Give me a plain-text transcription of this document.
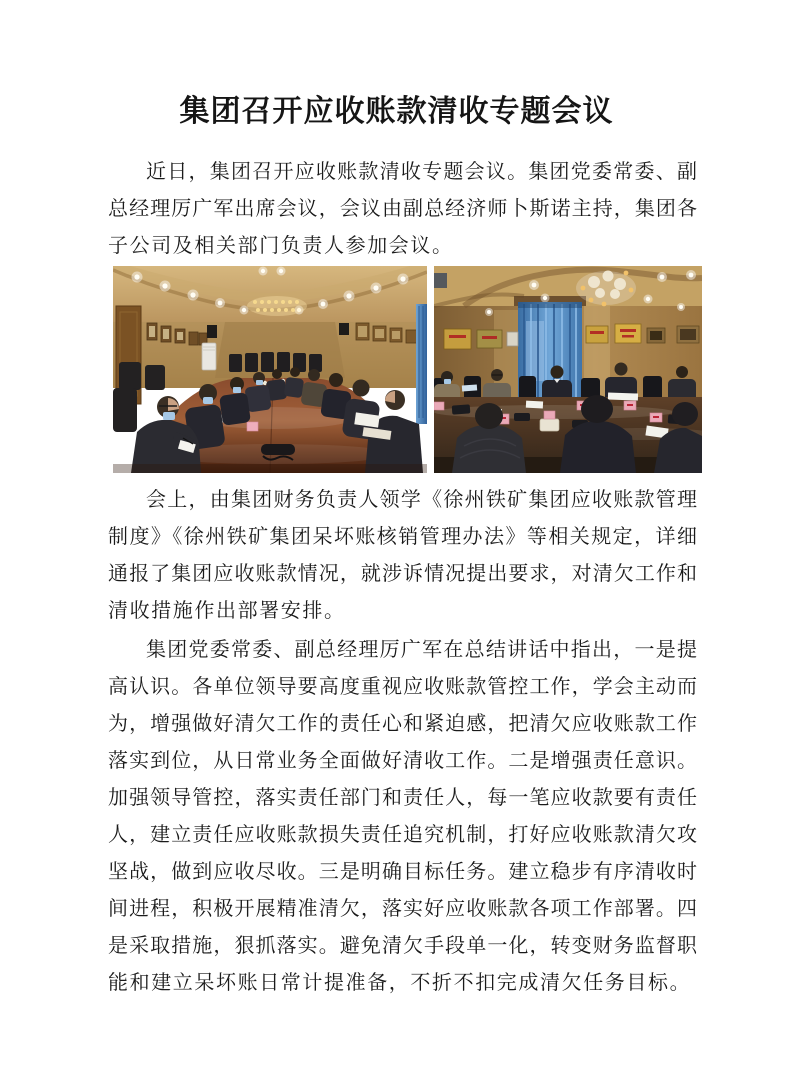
集团召开应收账款清收专题会议
近日，集团召开应收账款清收专题会议。集团党委常委、副
总经理厉广军出席会议，会议由副总经济师卜斯诺主持，集团各
子公司及相关部门负责人参加会议。
会上，由集团财务负责人领学《徐州铁矿集团应收账款管理
制度》《徐州铁矿集团呆坏账核销管理办法》等相关规定，详细
通报了集团应收账款情况，就涉诉情况提出要求，对清欠工作和
清收措施作出部署安排。
集团党委常委、副总经理厉广军在总结讲话中指出，一是提
高认识。各单位领导要高度重视应收账款管控工作，学会主动而
为，增强做好清欠工作的责任心和紧迫感，把清欠应收账款工作
落实到位，从日常业务全面做好清收工作。二是增强责任意识。
加强领导管控，落实责任部门和责任人，每一笔应收款要有责任
人，建立责任应收账款损失责任追究机制，打好应收账款清欠攻
坚战，做到应收尽收。三是明确目标任务。建立稳步有序清收时
间进程，积极开展精准清欠，落实好应收账款各项工作部署。四
是采取措施，狠抓落实。避免清欠手段单一化，转变财务监督职
能和建立呆坏账日常计提准备，不折不扣完成清欠任务目标。
